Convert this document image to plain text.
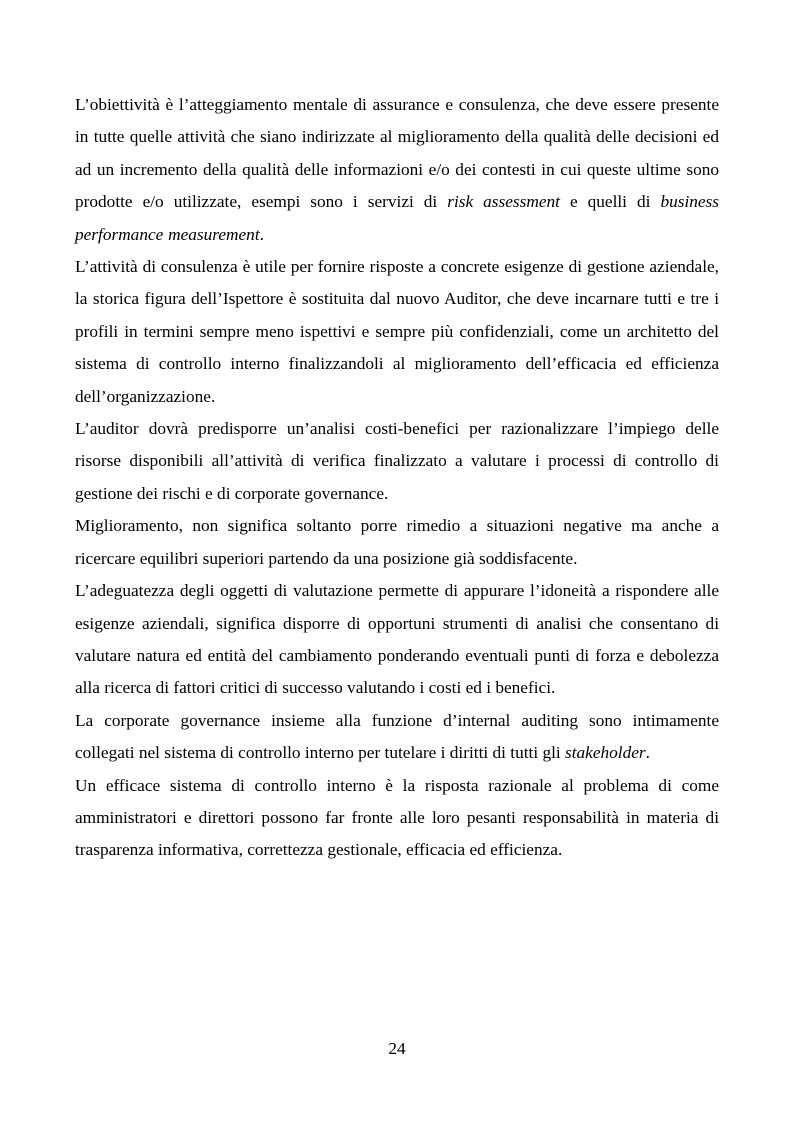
L’obiettività è l’atteggiamento mentale di assurance e consulenza, che deve essere presente in tutte quelle attività che siano indirizzate al miglioramento della qualità delle decisioni ed ad un incremento della qualità delle informazioni e/o dei contesti in cui queste ultime sono prodotte e/o utilizzate, esempi sono i servizi di risk assessment e quelli di business performance measurement.

L’attività di consulenza è utile per fornire risposte a concrete esigenze di gestione aziendale, la storica figura dell’Ispettore è sostituita dal nuovo Auditor, che deve incarnare tutti e tre i profili in termini sempre meno ispettivi e sempre più confidenziali, come un architetto del sistema di controllo interno finalizzandoli al miglioramento dell’efficacia ed efficienza dell’organizzazione.

L’auditor dovrà predisporre un’analisi costi-benefici per razionalizzare l’impiego delle risorse disponibili all’attività di verifica finalizzato a valutare i processi di controllo di gestione dei rischi e di corporate governance.

Miglioramento, non significa soltanto porre rimedio a situazioni negative ma anche a ricercare equilibri superiori partendo da una posizione già soddisfacente.

L’adeguatezza degli oggetti di valutazione permette di appurare l’idoneità a rispondere alle esigenze aziendali, significa disporre di opportuni strumenti di analisi che consentano di valutare natura ed entità del cambiamento ponderando eventuali punti di forza e debolezza alla ricerca di fattori critici di successo valutando i costi ed i benefici.

La corporate governance insieme alla funzione d’internal auditing sono intimamente collegati nel sistema di controllo interno per tutelare i diritti di tutti gli stakeholder.

Un efficace sistema di controllo interno è la risposta razionale al problema di come amministratori e direttori possono far fronte alle loro pesanti responsabilità in materia di trasparenza informativa, correttezza gestionale, efficacia ed efficienza.

24
